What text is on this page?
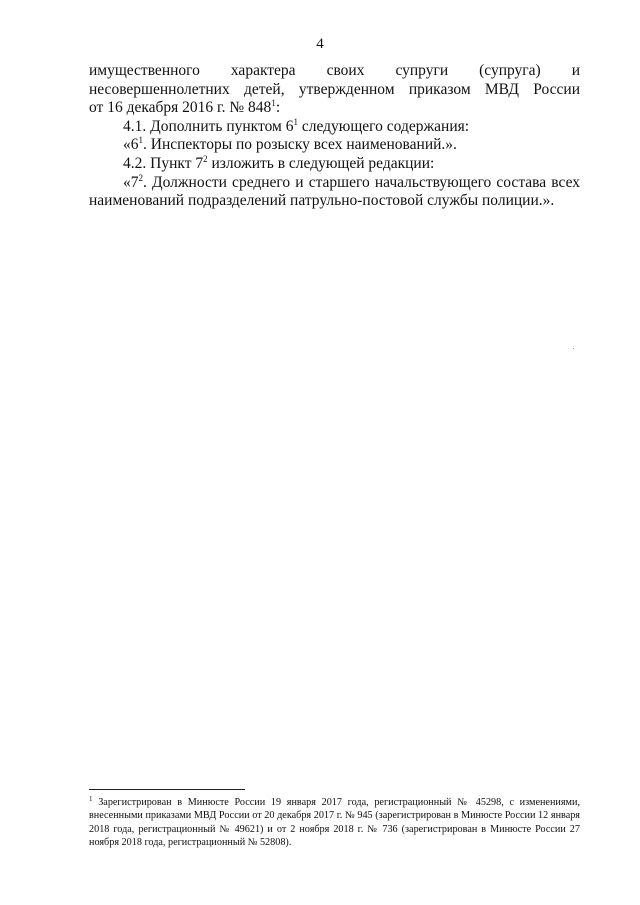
4

имущественного характера своих супруги (супруга) и
несовершеннолетних детей, утвержденном приказом МВД России
от 16 декабря 2016 г. № $848^1$:

4.1. Дополнить пунктом $6^1$ следующего содержания:

«$6^1$. Инспекторы по розыску всех наименований.».

4.2. Пункт $7^2$ изложить в следующей редакции:

«$7^2$. Должности среднего и старшего начальствующего состава всех наименований подразделений патрульно-постовой службы полиции.».

$^1$ Зарегистрирован в Минюсте России 19 января 2017 года, регистрационный № 45298, с изменениями, внесенными приказами МВД России от 20 декабря 2017 г. № 945 (зарегистрирован в Минюсте России 12 января 2018 года, регистрационный № 49621) и от 2 ноября 2018 г. № 736 (зарегистрирован в Минюсте России 27 ноября 2018 года, регистрационный № 52808).
